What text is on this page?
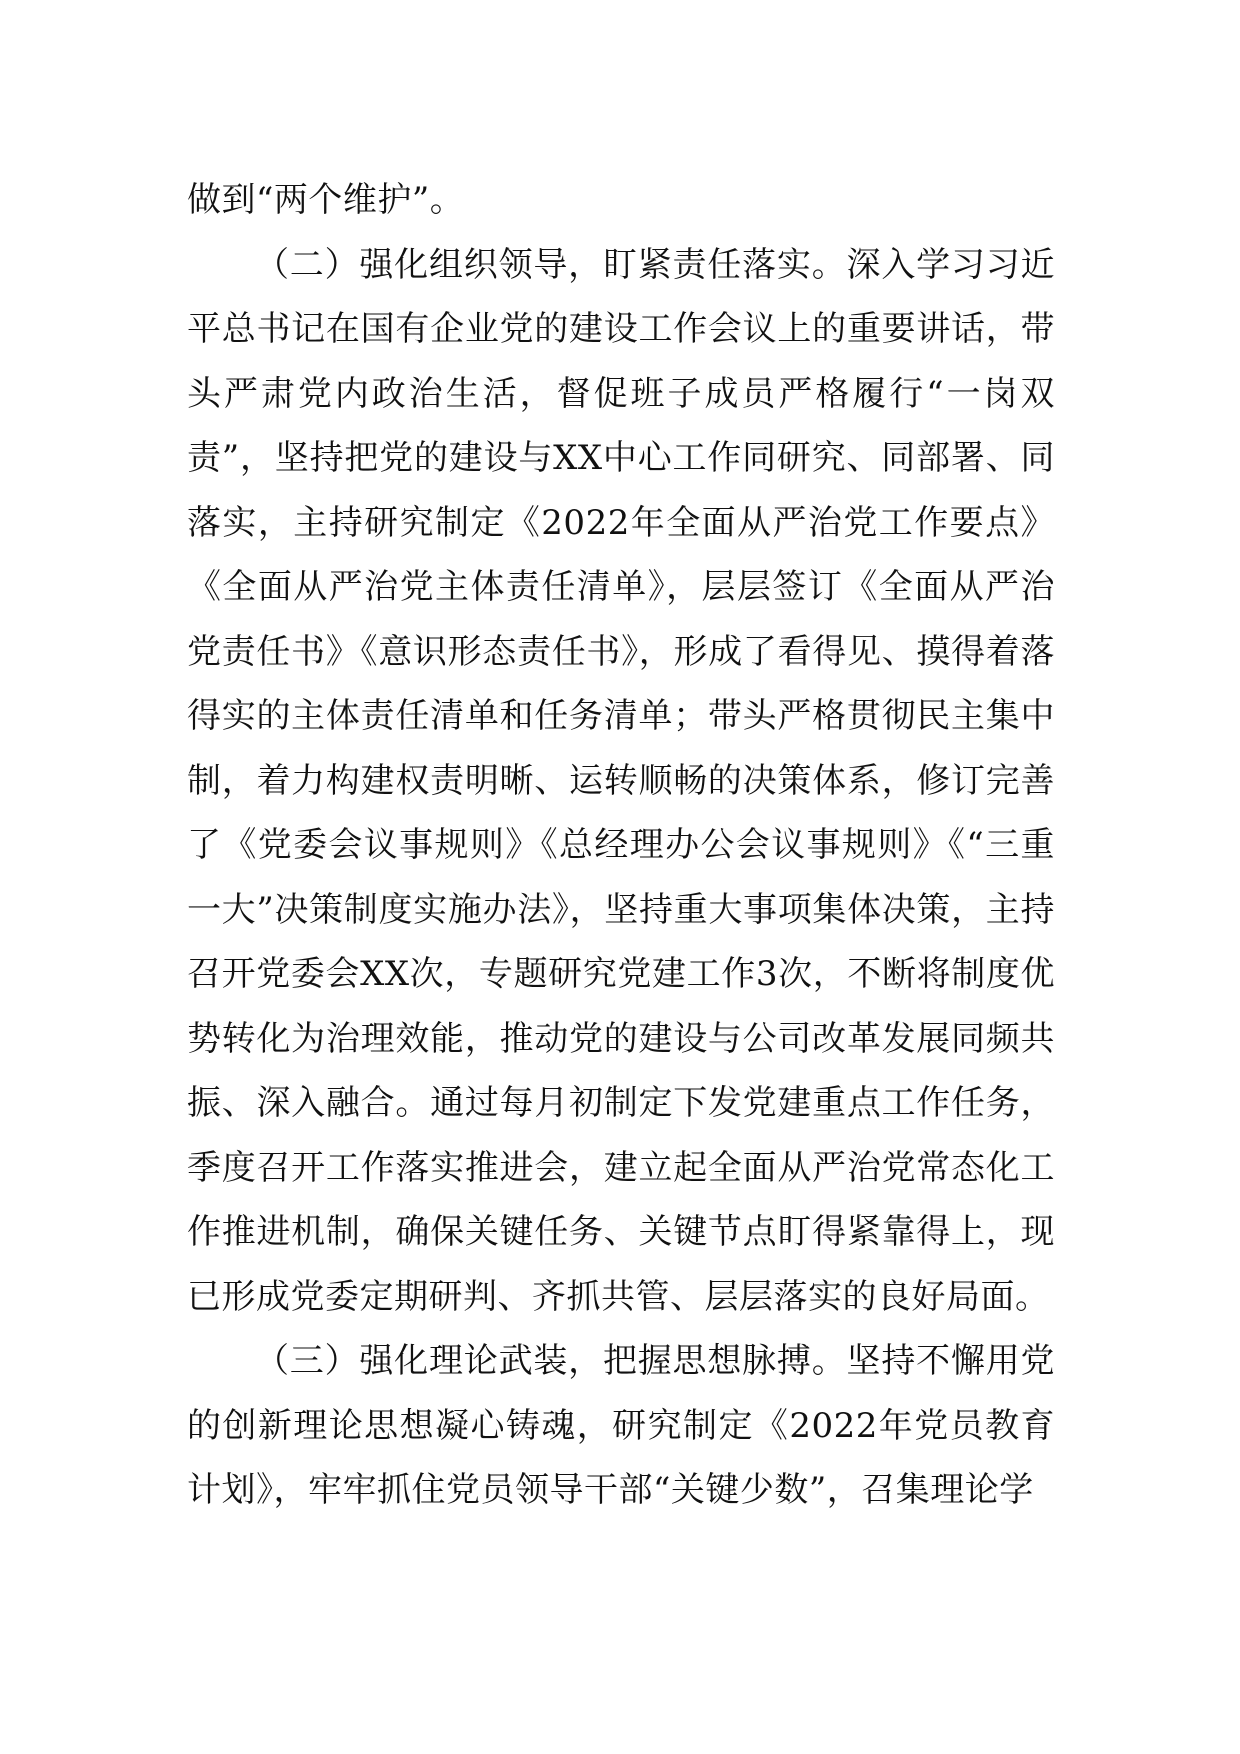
做到“两个维护”。

（二）强化组织领导，盯紧责任落实。深入学习习近平总书记在国有企业党的建设工作会议上的重要讲话，带头严肃党内政治生活，督促班子成员严格履行“一岗双责”，坚持把党的建设与XX中心工作同研究、同部署、同落实，主持研究制定《2022年全面从严治党工作要点》《全面从严治党主体责任清单》，层层签订《全面从严治党责任书》《意识形态责任书》，形成了看得见、摸得着落得实的主体责任清单和任务清单；带头严格贯彻民主集中制，着力构建权责明晰、运转顺畅的决策体系，修订完善了《党委会议事规则》《总经理办公会议事规则》《“三重一大”决策制度实施办法》，坚持重大事项集体决策，主持召开党委会XX次，专题研究党建工作3次，不断将制度优势转化为治理效能，推动党的建设与公司改革发展同频共振、深入融合。通过每月初制定下发党建重点工作任务，季度召开工作落实推进会，建立起全面从严治党常态化工作推进机制，确保关键任务、关键节点盯得紧靠得上，现已形成党委定期研判、齐抓共管、层层落实的良好局面。

（三）强化理论武装，把握思想脉搏。坚持不懈用党的创新理论思想凝心铸魂，研究制定《2022年党员教育计划》，牢牢抓住党员领导干部“关键少数”，召集理论学
